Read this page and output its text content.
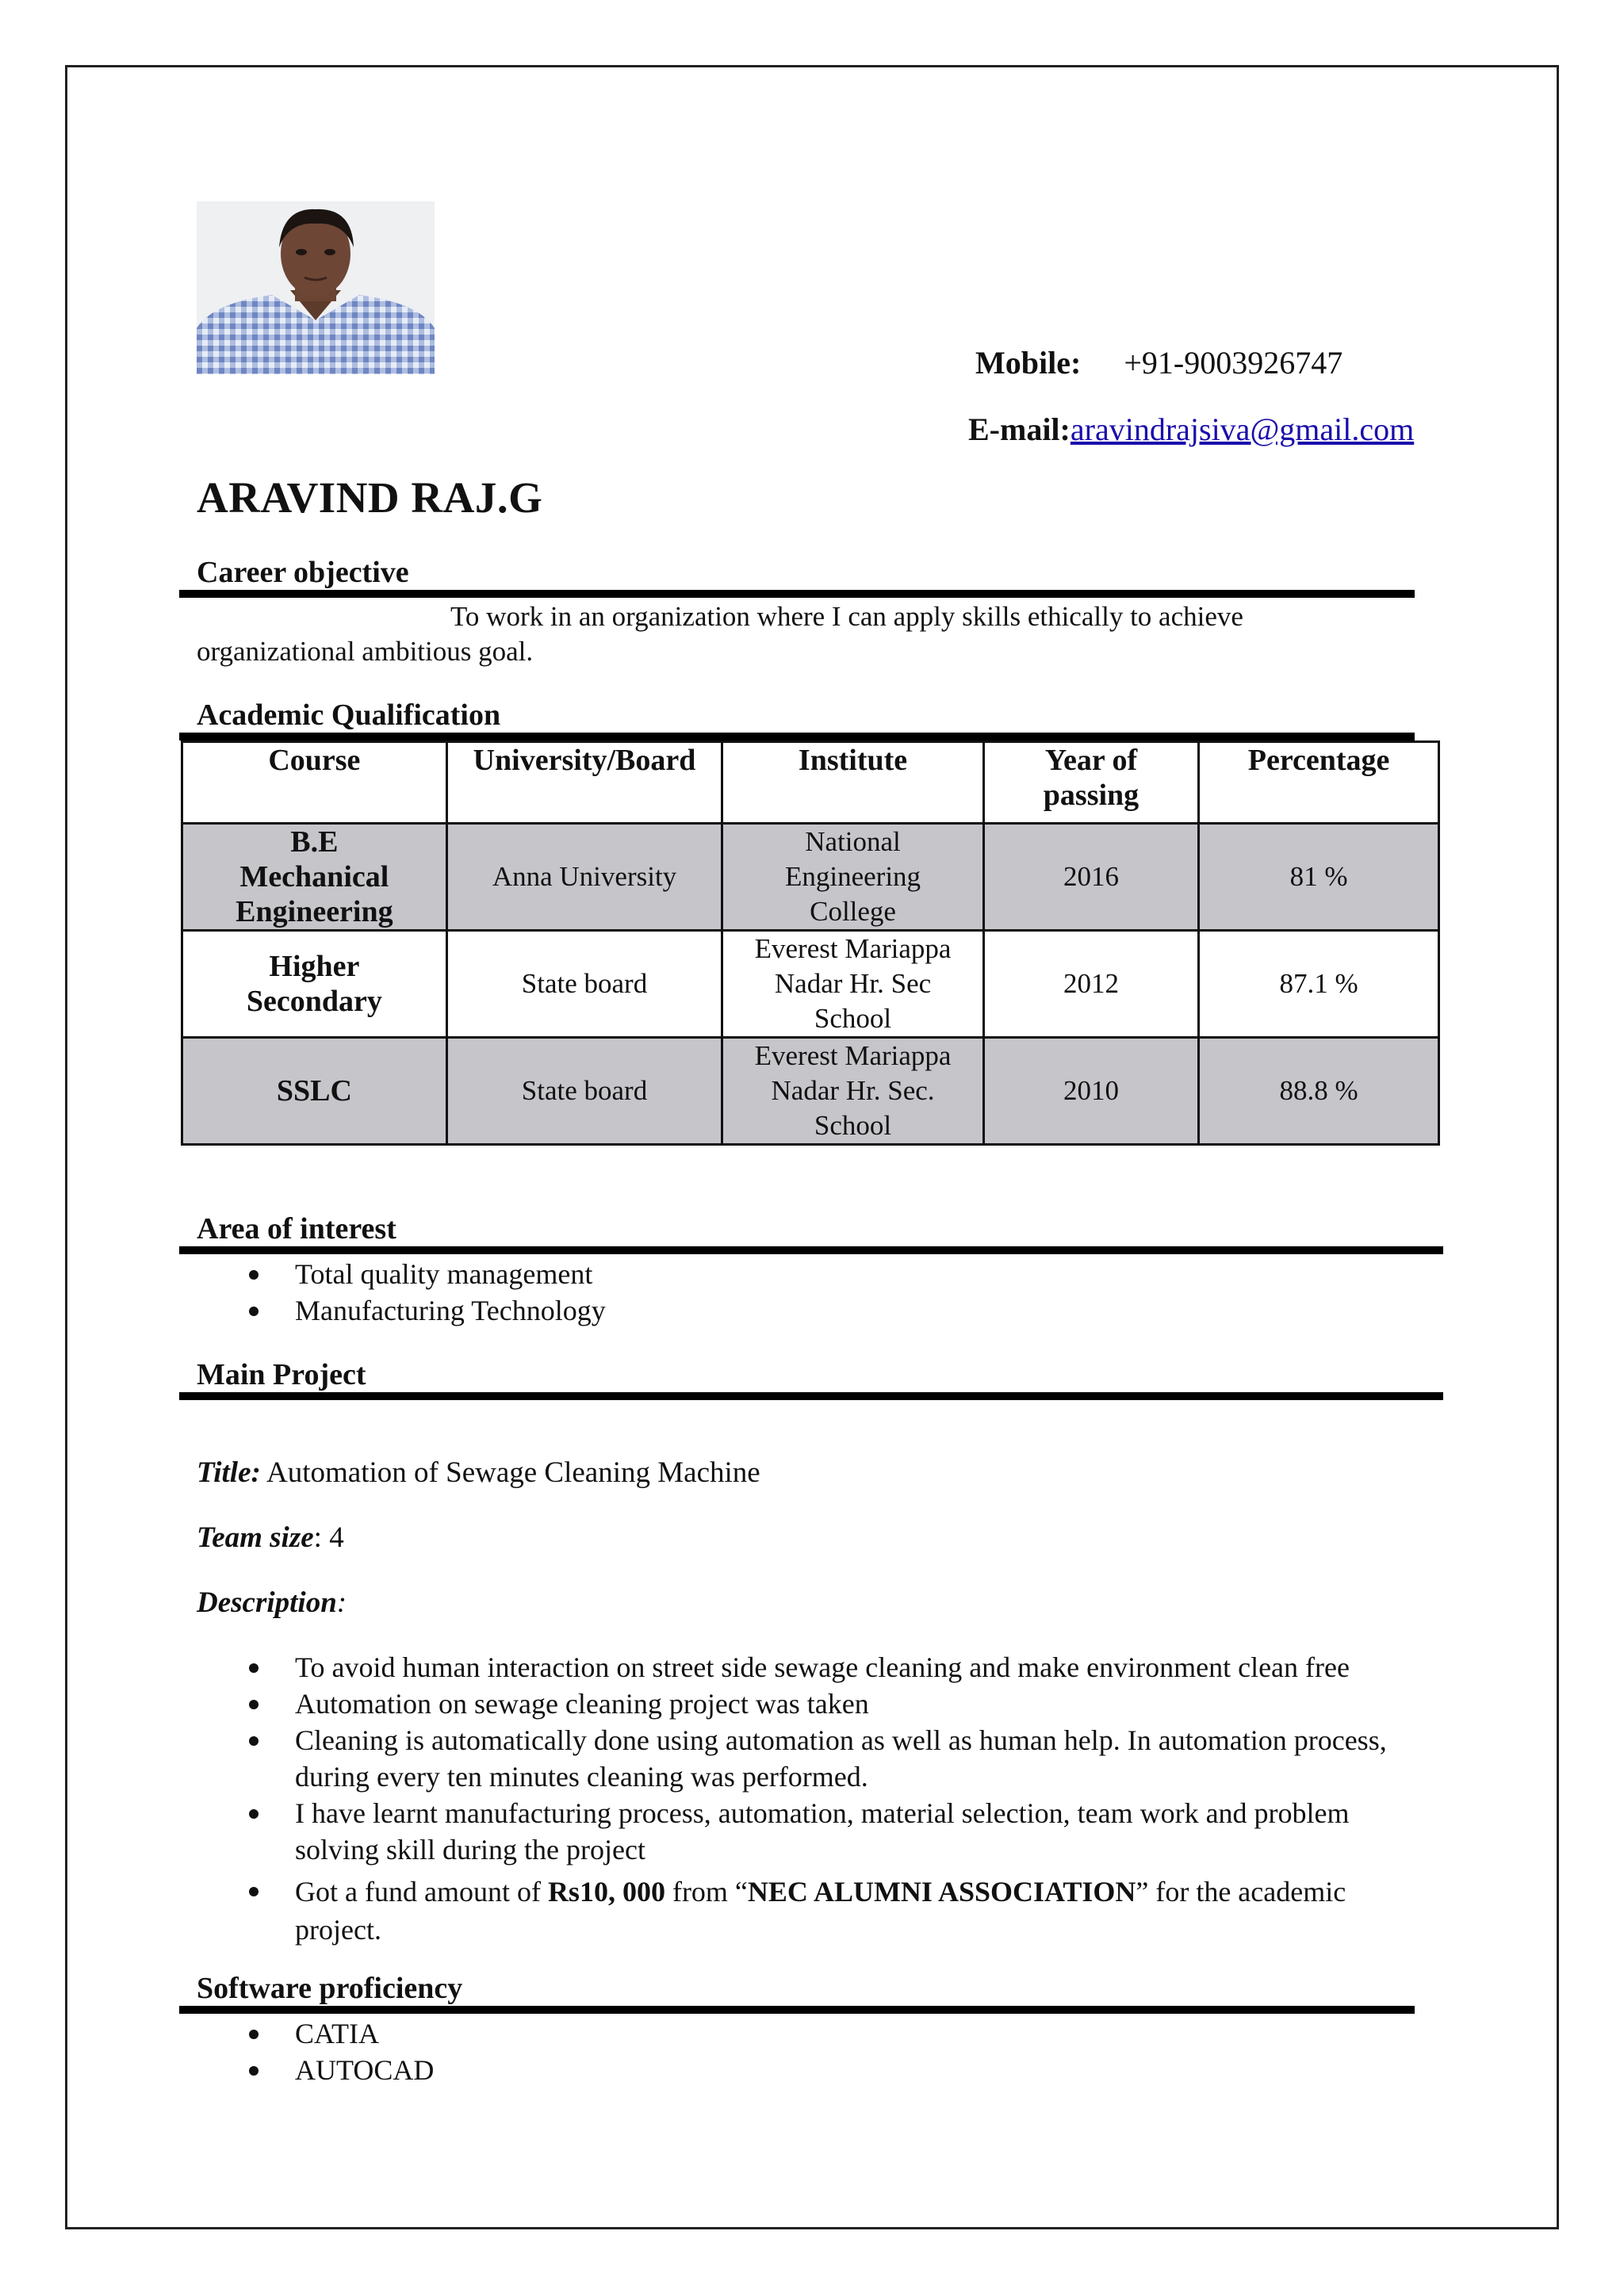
Mobile: +91-9003926747
E-mail:aravindrajsiva@gmail.com
ARAVIND RAJ.G
Career objective
To work in an organization where I can apply skills ethically to achieve
organizational ambitious goal.
Academic Qualification
Course	University/Board	Institute	Year of passing	Percentage
B.E Mechanical Engineering	Anna University	National Engineering College	2016	81 %
Higher Secondary	State board	Everest Mariappa Nadar Hr. Sec School	2012	87.1 %
SSLC	State board	Everest Mariappa Nadar Hr. Sec. School	2010	88.8 %
Area of interest
Total quality management
Manufacturing Technology
Main Project
Title: Automation of Sewage Cleaning Machine
Team size: 4
Description:
To avoid human interaction on street side sewage cleaning and make environment clean free
Automation on sewage cleaning project was taken
Cleaning is automatically done using automation as well as human help. In automation process, during every ten minutes cleaning was performed.
I have learnt manufacturing process, automation, material selection, team work and problem solving skill during the project
Got a fund amount of Rs10, 000 from “NEC ALUMNI ASSOCIATION” for the academic project.
Software proficiency
CATIA
AUTOCAD
